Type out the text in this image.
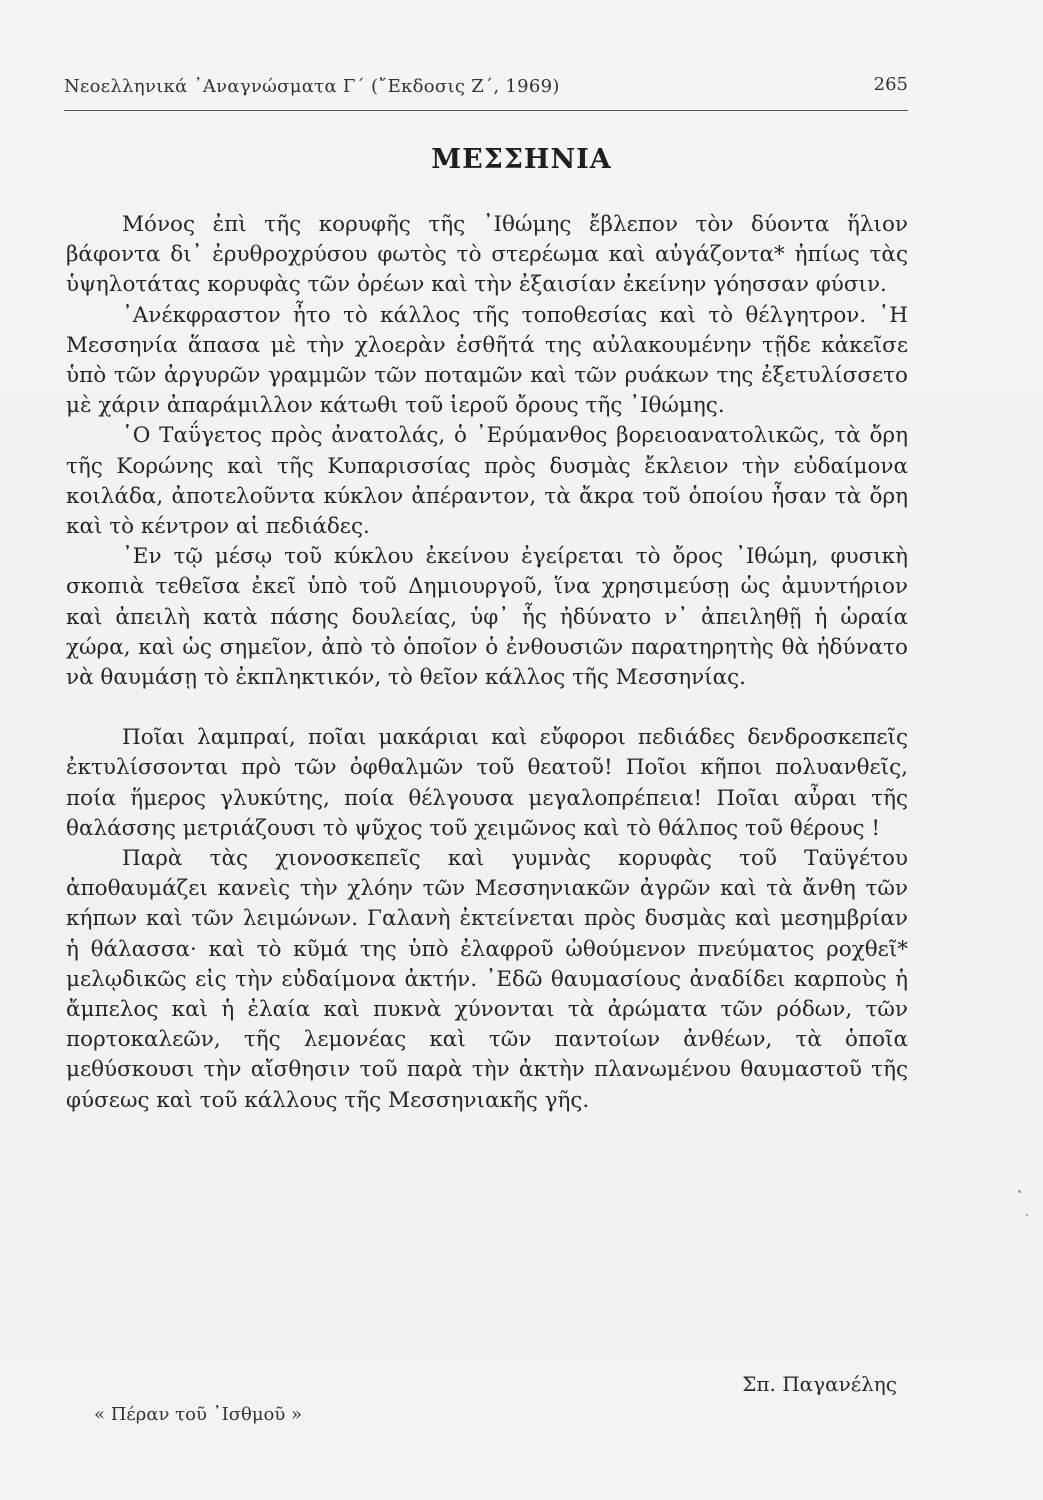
Νεοελληνικά ᾿Αναγνώσματα Γ΄ (῎Εκδοσις Ζ΄, 1969)	265
ΜΕΣΣΗΝΙΑ

Μόνος ἐπὶ τῆς κορυφῆς τῆς ᾿Ιθώμης ἔβλεπον τὸν δύοντα ἥλιον βάφοντα δι᾿ ἐρυθροχρύσου φωτὸς τὸ στερέωμα καὶ αὐγάζοντα* ἠπίως τὰς ὑψηλοτάτας κορυφὰς τῶν ὀρέων καὶ τὴν ἐξαισίαν ἐκείνην γόησσαν φύσιν.

᾿Ανέκφραστον ἦτο τὸ κάλλος τῆς τοποθεσίας καὶ τὸ θέλγητρον. ῾Η Μεσσηνία ἅπασα μὲ τὴν χλοερὰν ἐσθῆτά της αὐλακουμένην τῇδε κἀκεῖσε ὑπὸ τῶν ἀργυρῶν γραμμῶν τῶν ποταμῶν καὶ τῶν ρυάκων της ἐξετυλίσσετο μὲ χάριν ἀπαράμιλλον κάτωθι τοῦ ἱεροῦ ὄρους τῆς ᾿Ιθώμης.

῾Ο Ταΰγετος πρὸς ἀνατολάς, ὁ ᾿Ερύμανθος βορειοανατολικῶς, τὰ ὄρη τῆς Κορώνης καὶ τῆς Κυπαρισσίας πρὸς δυσμὰς ἔκλειον τὴν εὐδαίμονα κοιλάδα, ἀποτελοῦντα κύκλον ἀπέραντον, τὰ ἄκρα τοῦ ὁποίου ἦσαν τὰ ὄρη καὶ τὸ κέντρον αἱ πεδιάδες.

᾿Εν τῷ μέσῳ τοῦ κύκλου ἐκείνου ἐγείρεται τὸ ὄρος ᾿Ιθώμη, φυσικὴ σκοπιὰ τεθεῖσα ἐκεῖ ὑπὸ τοῦ Δημιουργοῦ, ἵνα χρησιμεύσῃ ὡς ἀμυντήριον καὶ ἀπειλὴ κατὰ πάσης δουλείας, ὑφ᾿ ἧς ἠδύνατο ν᾿ ἀπειληθῇ ἡ ὡραία χώρα, καὶ ὡς σημεῖον, ἀπὸ τὸ ὁποῖον ὁ ἐνθουσιῶν παρατηρητὴς θὰ ἠδύνατο νὰ θαυμάσῃ τὸ ἐκπληκτικόν, τὸ θεῖον κάλλος τῆς Μεσσηνίας.

Ποῖαι λαμπραί, ποῖαι μακάριαι καὶ εὔφοροι πεδιάδες δενδροσκεπεῖς ἐκτυλίσσονται πρὸ τῶν ὀφθαλμῶν τοῦ θεατοῦ! Ποῖοι κῆποι πολυανθεῖς, ποία ἥμερος γλυκύτης, ποία θέλγουσα μεγαλοπρέπεια! Ποῖαι αὖραι τῆς θαλάσσης μετριάζουσι τὸ ψῦχος τοῦ χειμῶνος καὶ τὸ θάλπος τοῦ θέρους !

Παρὰ τὰς χιονοσκεπεῖς καὶ γυμνὰς κορυφὰς τοῦ Ταϋγέτου ἀποθαυμάζει κανεὶς τὴν χλόην τῶν Μεσσηνιακῶν ἀγρῶν καὶ τὰ ἄνθη τῶν κήπων καὶ τῶν λειμώνων. Γαλανὴ ἐκτείνεται πρὸς δυσμὰς καὶ μεσημβρίαν ἡ θάλασσα· καὶ τὸ κῦμά της ὑπὸ ἐλαφροῦ ὠθούμενον πνεύματος ροχθεῖ* μελῳδικῶς εἰς τὴν εὐδαίμονα ἀκτήν. ᾿Εδῶ θαυμασίους ἀναδίδει καρποὺς ἡ ἄμπελος καὶ ἡ ἐλαία καὶ πυκνὰ χύνονται τὰ ἀρώματα τῶν ρόδων, τῶν πορτοκαλεῶν, τῆς λεμονέας καὶ τῶν παντοίων ἀνθέων, τὰ ὁποῖα μεθύσκουσι τὴν αἴσθησιν τοῦ παρὰ τὴν ἀκτὴν πλανωμένου θαυμαστοῦ τῆς φύσεως καὶ τοῦ κάλλους τῆς Μεσσηνιακῆς γῆς.

Σπ. Παγανέλης
« Πέραν τοῦ ᾿Ισθμοῦ »
